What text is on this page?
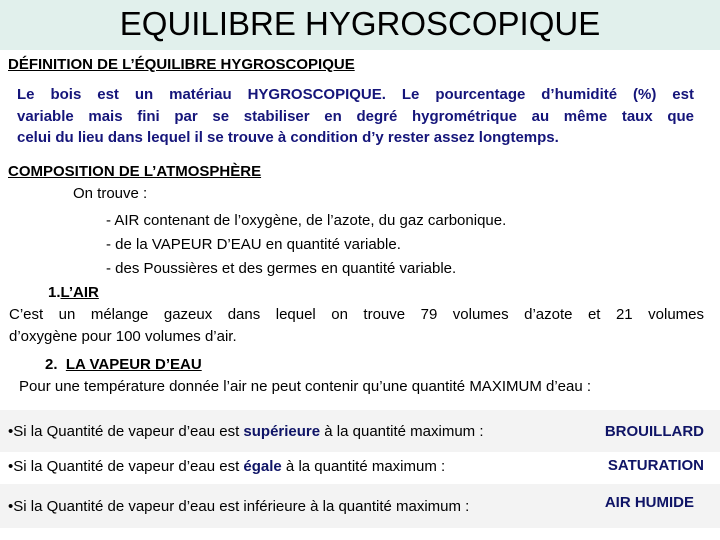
EQUILIBRE HYGROSCOPIQUE
DÉFINITION DE L’ÉQUILIBRE HYGROSCOPIQUE
Le bois est un matériau HYGROSCOPIQUE. Le pourcentage d’humidité (%) est
variable mais fini par se stabiliser en degré hygrométrique au même taux que
celui du lieu dans lequel il se trouve à condition d’y rester assez longtemps.
COMPOSITION DE L’ATMOSPHÈRE
On trouve :
- AIR contenant de l’oxygène, de l’azote, du gaz carbonique.
- de la VAPEUR D’EAU en quantité variable.
- des Poussières et des germes en quantité variable.
1.L’AIR
C’est un mélange gazeux dans lequel on trouve 79 volumes d’azote et 21 volumes
d’oxygène pour 100 volumes d’air.
2. LA VAPEUR D’EAU
Pour une température donnée l’air ne peut contenir qu’une quantité MAXIMUM d’eau :
•Si la Quantité de vapeur d’eau est supérieure à la quantité maximum :	BROUILLARD
•Si la Quantité de vapeur d’eau est égale à la quantité maximum :	SATURATION
•Si la Quantité de vapeur d’eau est inférieure à la quantité maximum :	AIR HUMIDE
